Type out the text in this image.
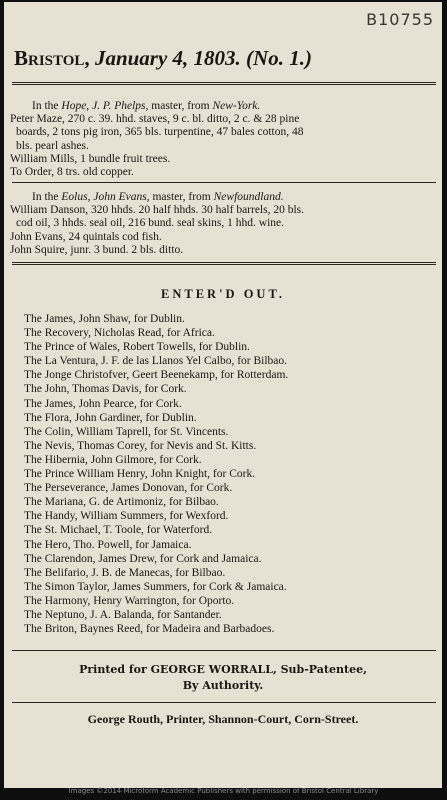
B10755
Bristol, January 4, 1803. (No. 1.)
In the Hope, J. P. Phelps, master, from New-York.
Peter Maze, 270 c. 39. hhd. staves, 9 c. bl. ditto, 2 c. & 28 pine
boards, 2 tons pig iron, 365 bls. turpentine, 47 bales cotton, 48
bls. pearl ashes.
William Mills, 1 bundle fruit trees.
To Order, 8 trs. old copper.
In the Eolus, John Evans, master, from Newfoundland.
William Danson, 320 hhds. 20 half hhds. 30 half barrels, 20 bls.
cod oil, 3 hhds. seal oil, 216 bund. seal skins, 1 hhd. wine.
John Evans, 24 quintals cod fish.
John Squire, junr. 3 bund. 2 bls. ditto.
ENTER'D OUT.
The James, John Shaw, for Dublin.
The Recovery, Nicholas Read, for Africa.
The Prince of Wales, Robert Towells, for Dublin.
The La Ventura, J. F. de las Llanos Yel Calbo, for Bilbao.
The Jonge Christofver, Geert Beenekamp, for Rotterdam.
The John, Thomas Davis, for Cork.
The James, John Pearce, for Cork.
The Flora, John Gardiner, for Dublin.
The Colin, William Taprell, for St. Vincents.
The Nevis, Thomas Corey, for Nevis and St. Kitts.
The Hibernia, John Gilmore, for Cork.
The Prince William Henry, John Knight, for Cork.
The Perseverance, James Donovan, for Cork.
The Mariana, G. de Artimoniz, for Bilbao.
The Handy, William Summers, for Wexford.
The St. Michael, T. Toole, for Waterford.
The Hero, Tho. Powell, for Jamaica.
The Clarendon, James Drew, for Cork and Jamaica.
The Belifario, J. B. de Manecas, for Bilbao.
The Simon Taylor, James Summers, for Cork & Jamaica.
The Harmony, Henry Warrington, for Oporto.
The Neptuno, J. A. Balanda, for Santander.
The Briton, Baynes Reed, for Madeira and Barbadoes.
Printed for GEORGE WORRALL, Sub-Patentee,
By Authority.
George Routh, Printer, Shannon-Court, Corn-Street.
Images ©2014 Microform Academic Publishers with permission of Bristol Central Library
